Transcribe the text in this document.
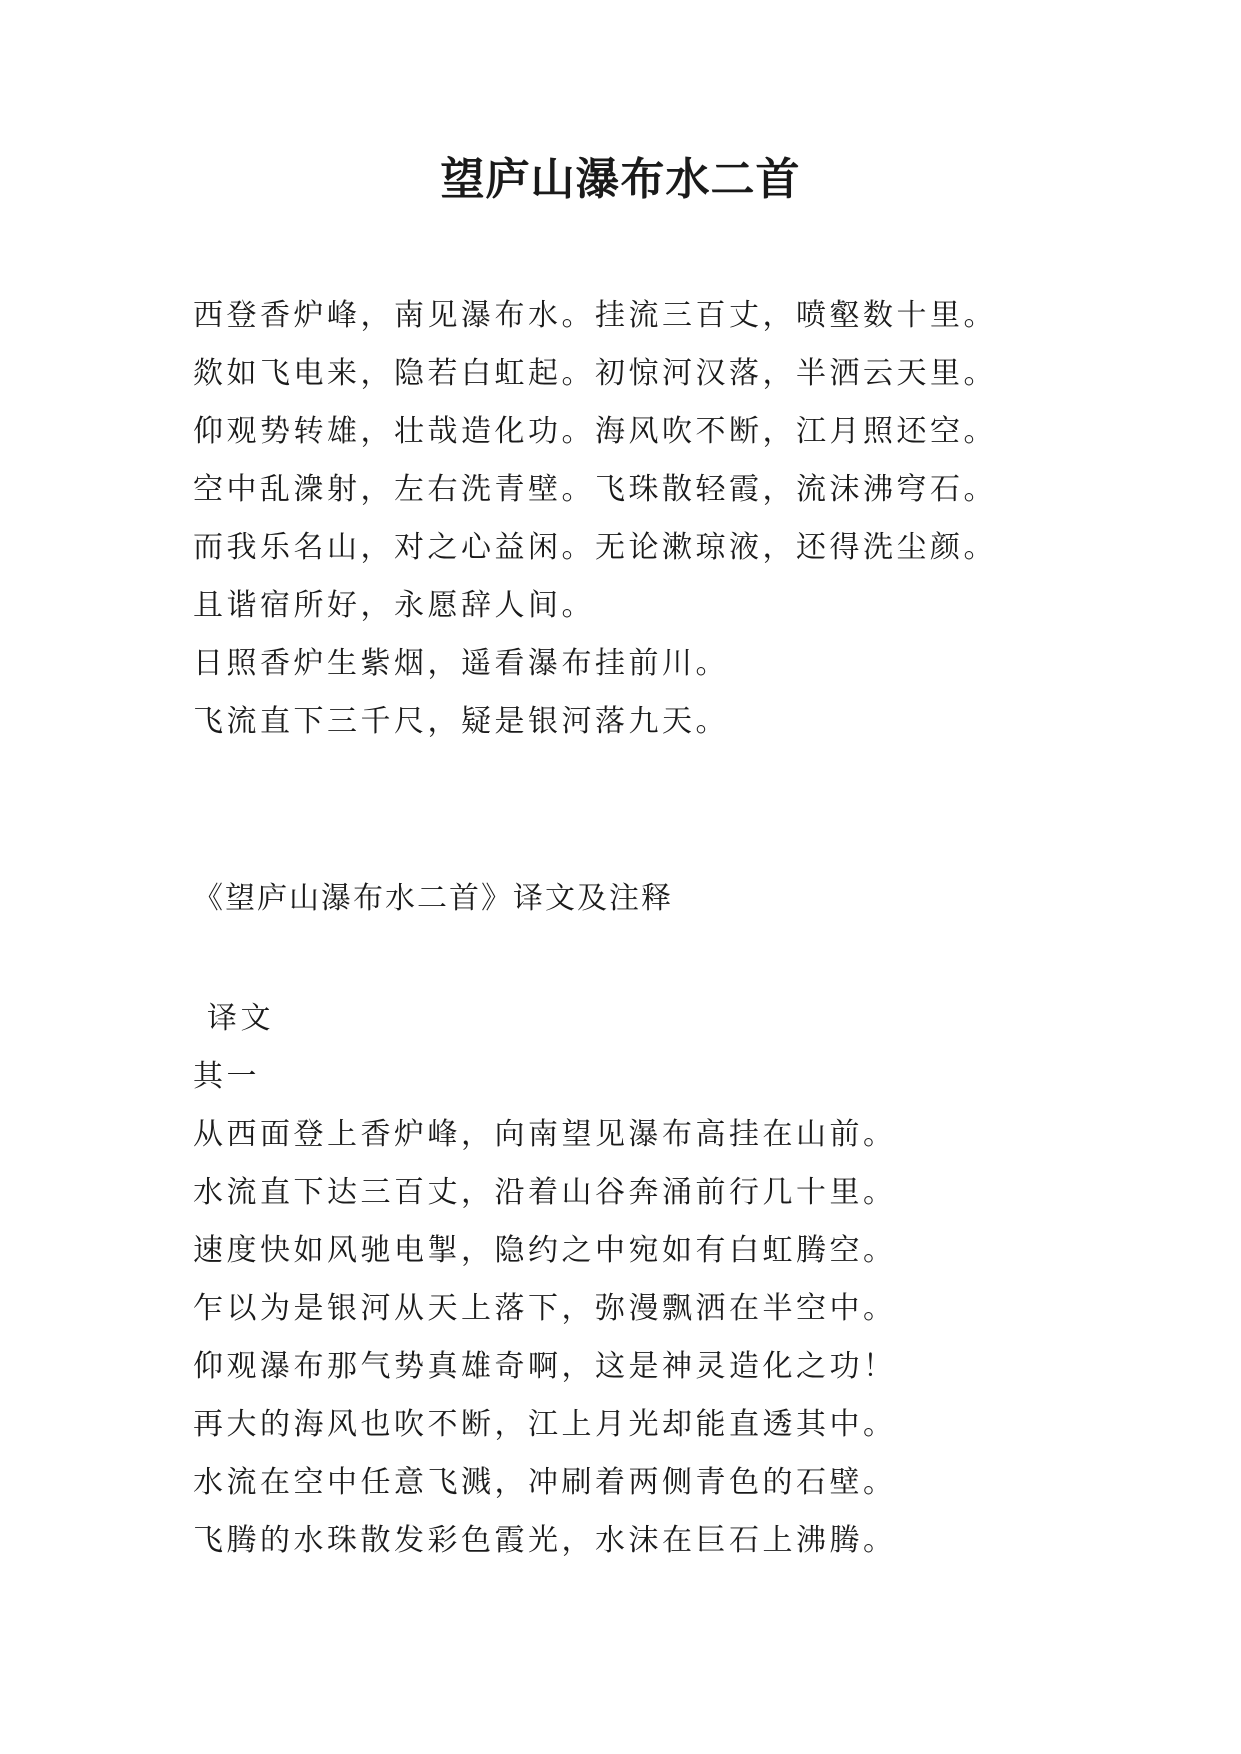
望庐山瀑布水二首
西登香炉峰，南见瀑布水。挂流三百丈，喷壑数十里。
欻如飞电来，隐若白虹起。初惊河汉落，半洒云天里。
仰观势转雄，壮哉造化功。海风吹不断，江月照还空。
空中乱潨射，左右洗青壁。飞珠散轻霞，流沫沸穹石。
而我乐名山，对之心益闲。无论漱琼液，还得洗尘颜。
且谐宿所好，永愿辞人间。
日照香炉生紫烟，遥看瀑布挂前川。
飞流直下三千尺，疑是银河落九天。
《望庐山瀑布水二首》译文及注释
译文
其一
从西面登上香炉峰，向南望见瀑布高挂在山前。
水流直下达三百丈，沿着山谷奔涌前行几十里。
速度快如风驰电掣，隐约之中宛如有白虹腾空。
乍以为是银河从天上落下，弥漫飘洒在半空中。
仰观瀑布那气势真雄奇啊，这是神灵造化之功！
再大的海风也吹不断，江上月光却能直透其中。
水流在空中任意飞溅，冲刷着两侧青色的石壁。
飞腾的水珠散发彩色霞光，水沫在巨石上沸腾。
